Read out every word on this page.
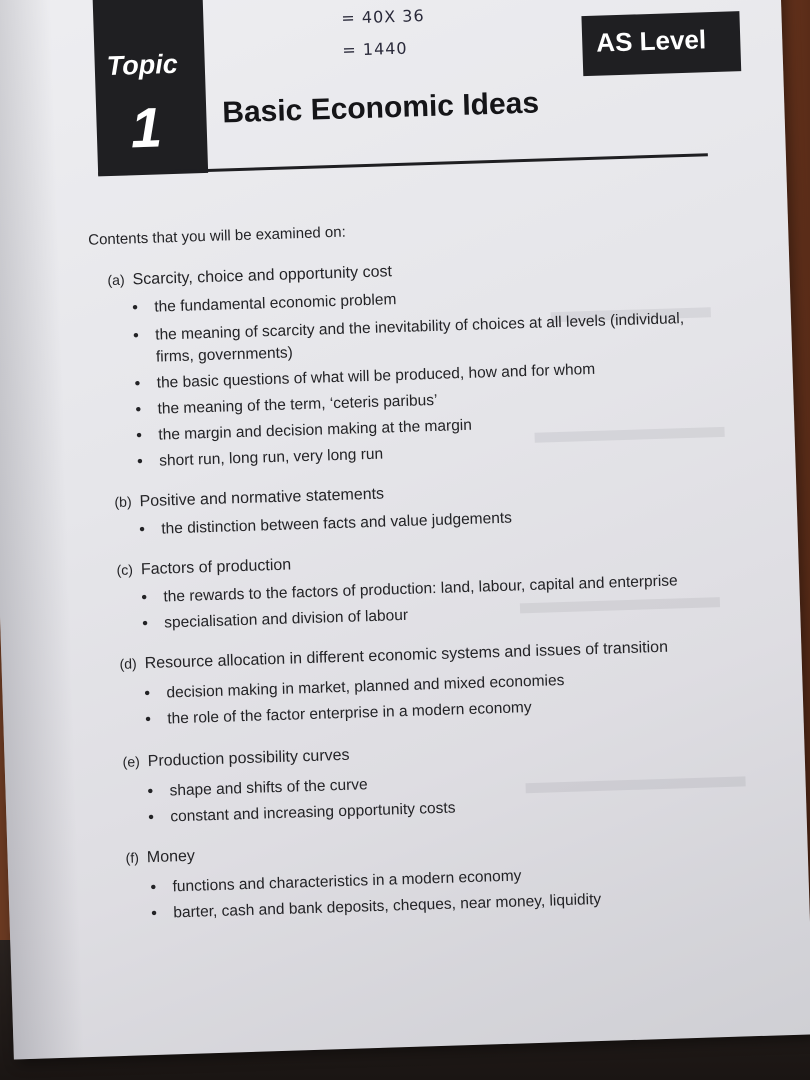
= 40X 36
= 1440
Topic
1 Basic Economic Ideas
AS Level
Contents that you will be examined on:
(a) Scarcity, choice and opportunity cost
• the fundamental economic problem
• the meaning of scarcity and the inevitability of choices at all levels (individual, firms, governments)
• the basic questions of what will be produced, how and for whom
• the meaning of the term, ‘ceteris paribus’
• the margin and decision making at the margin
• short run, long run, very long run
(b) Positive and normative statements
• the distinction between facts and value judgements
(c) Factors of production
• the rewards to the factors of production: land, labour, capital and enterprise
• specialisation and division of labour
(d) Resource allocation in different economic systems and issues of transition
• decision making in market, planned and mixed economies
• the role of the factor enterprise in a modern economy
(e) Production possibility curves
• shape and shifts of the curve
• constant and increasing opportunity costs
(f) Money
• functions and characteristics in a modern economy
• barter, cash and bank deposits, cheques, near money, liquidity
